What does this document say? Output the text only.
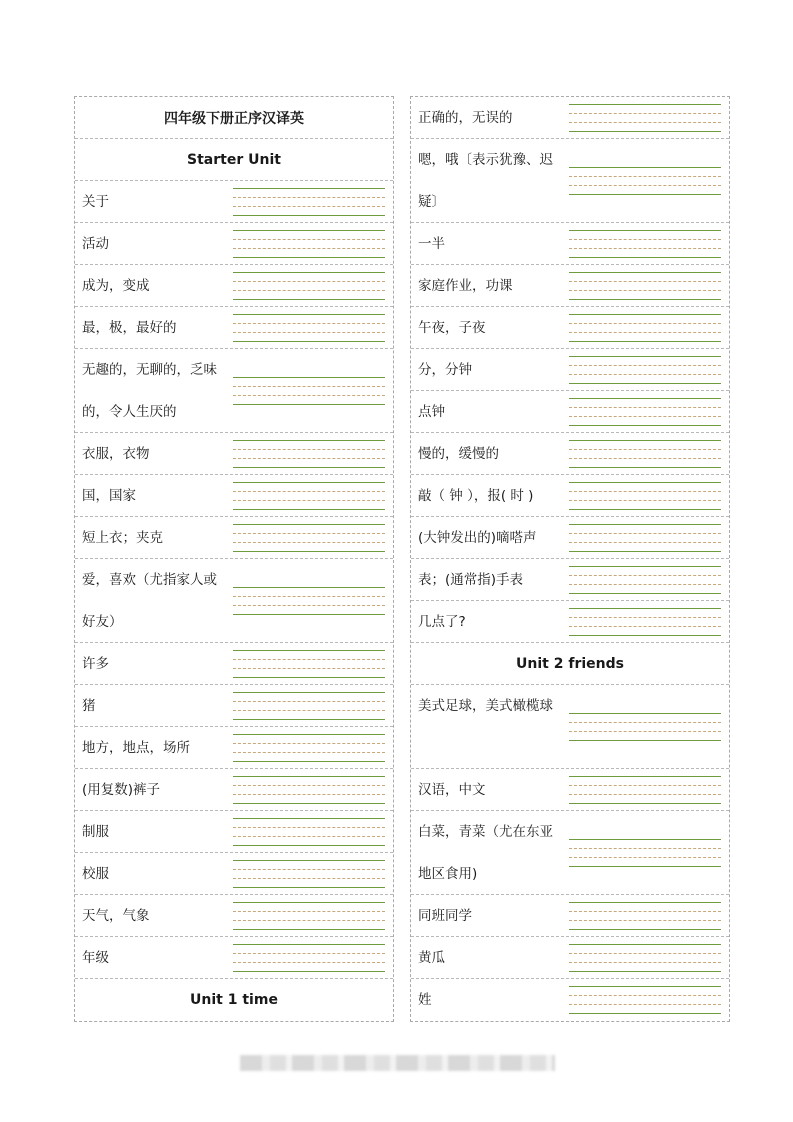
四年级下册正序汉译英
Starter Unit
关于
活动
成为，变成
最，极，最好的
无趣的，无聊的，乏味的，令人生厌的
衣服，衣物
国，国家
短上衣；夹克
爱，喜欢（尤指家人或好友）
许多
猪
地方，地点，场所
(用复数)裤子
制服
校服
天气，气象
年级
Unit 1 time
正确的，无误的
嗯，哦〔表示犹豫、迟疑〕
一半
家庭作业，功课
午夜，子夜
分，分钟
点钟
慢的，缓慢的
敲（ 钟 ），报( 时 )
(大钟发出的)嘀嗒声
表；(通常指)手表
几点了?
Unit 2 friends
美式足球，美式橄榄球
汉语，中文
白菜，青菜（尤在东亚地区食用)
同班同学
黄瓜
姓
